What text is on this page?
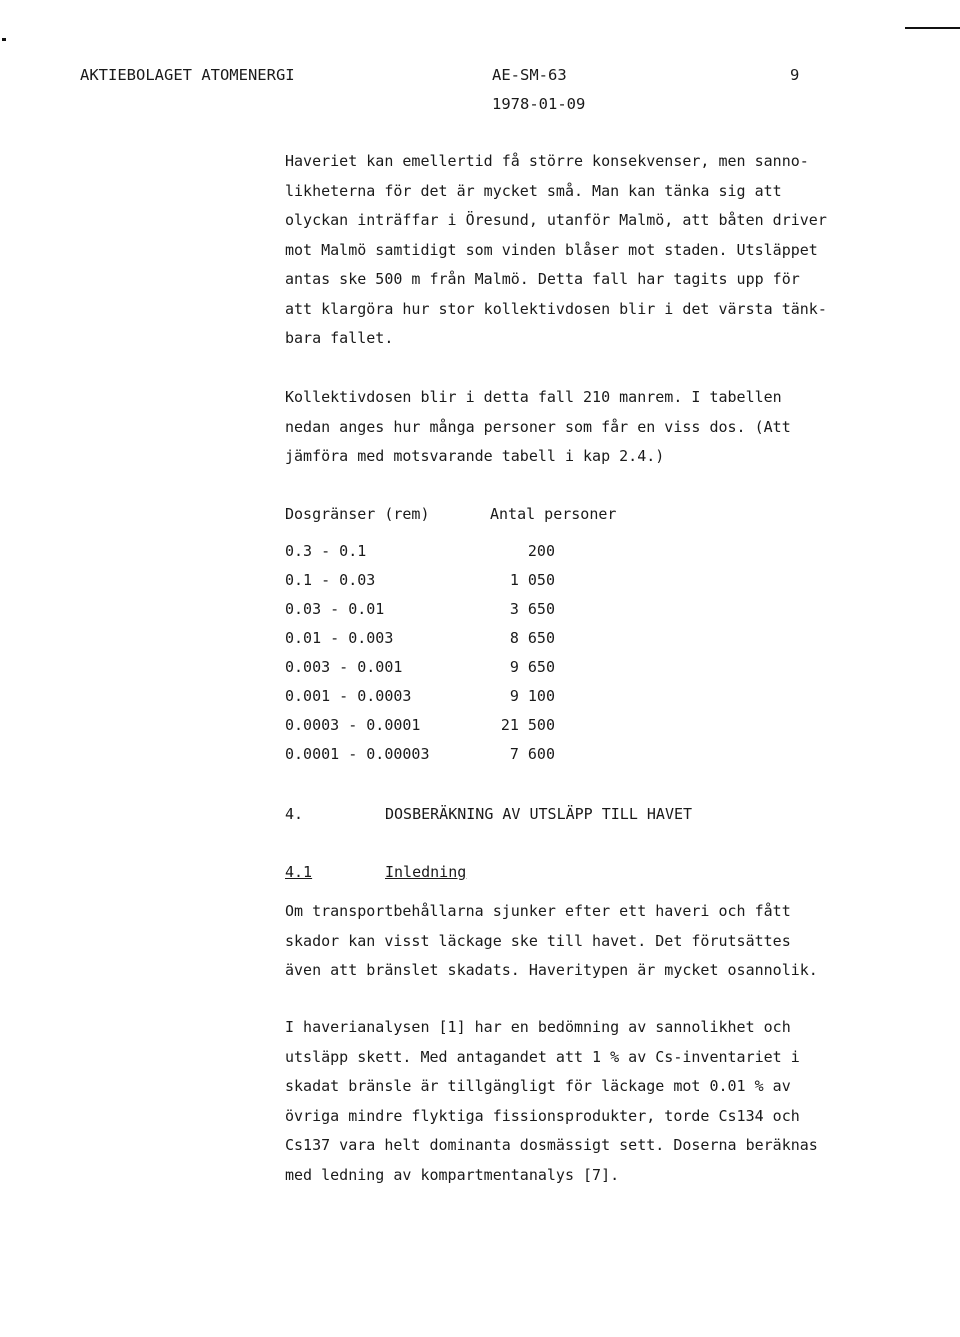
AKTIEBOLAGET ATOMENERGI	AE-SM-63	9
1978-01-09
Haveriet kan emellertid få större konsekvenser, men sanno-
likheterna för det är mycket små. Man kan tänka sig att
olyckan inträffar i Öresund, utanför Malmö, att båten driver
mot Malmö samtidigt som vinden blåser mot staden. Utsläppet
antas ske 500 m från Malmö. Detta fall har tagits upp för
att klargöra hur stor kollektivdosen blir i det värsta tänk-
bara fallet.
Kollektivdosen blir i detta fall 210 manrem. I tabellen
nedan anges hur många personer som får en viss dos. (Att
jämföra med motsvarande tabell i kap 2.4.)
Dosgränser (rem)	Antal personer
0.3 - 0.1	200
0.1 - 0.03	1 050
0.03 - 0.01	3 650
0.01 - 0.003	8 650
0.003 - 0.001	9 650
0.001 - 0.0003	9 100
0.0003 - 0.0001	21 500
0.0001 - 0.00003	7 600
4.	DOSBERÄKNING AV UTSLÄPP TILL HAVET
4.1	Inledning
Om transportbehållarna sjunker efter ett haveri och fått
skador kan visst läckage ske till havet. Det förutsättes
även att bränslet skadats. Haveritypen är mycket osannolik.
I haverianalysen [1] har en bedömning av sannolikhet och
utsläpp skett. Med antagandet att 1 % av Cs-inventariet i
skadat bränsle är tillgängligt för läckage mot 0.01 % av
övriga mindre flyktiga fissionsprodukter, torde Cs134 och
Cs137 vara helt dominanta dosmässigt sett. Doserna beräknas
med ledning av kompartmentanalys [7].
